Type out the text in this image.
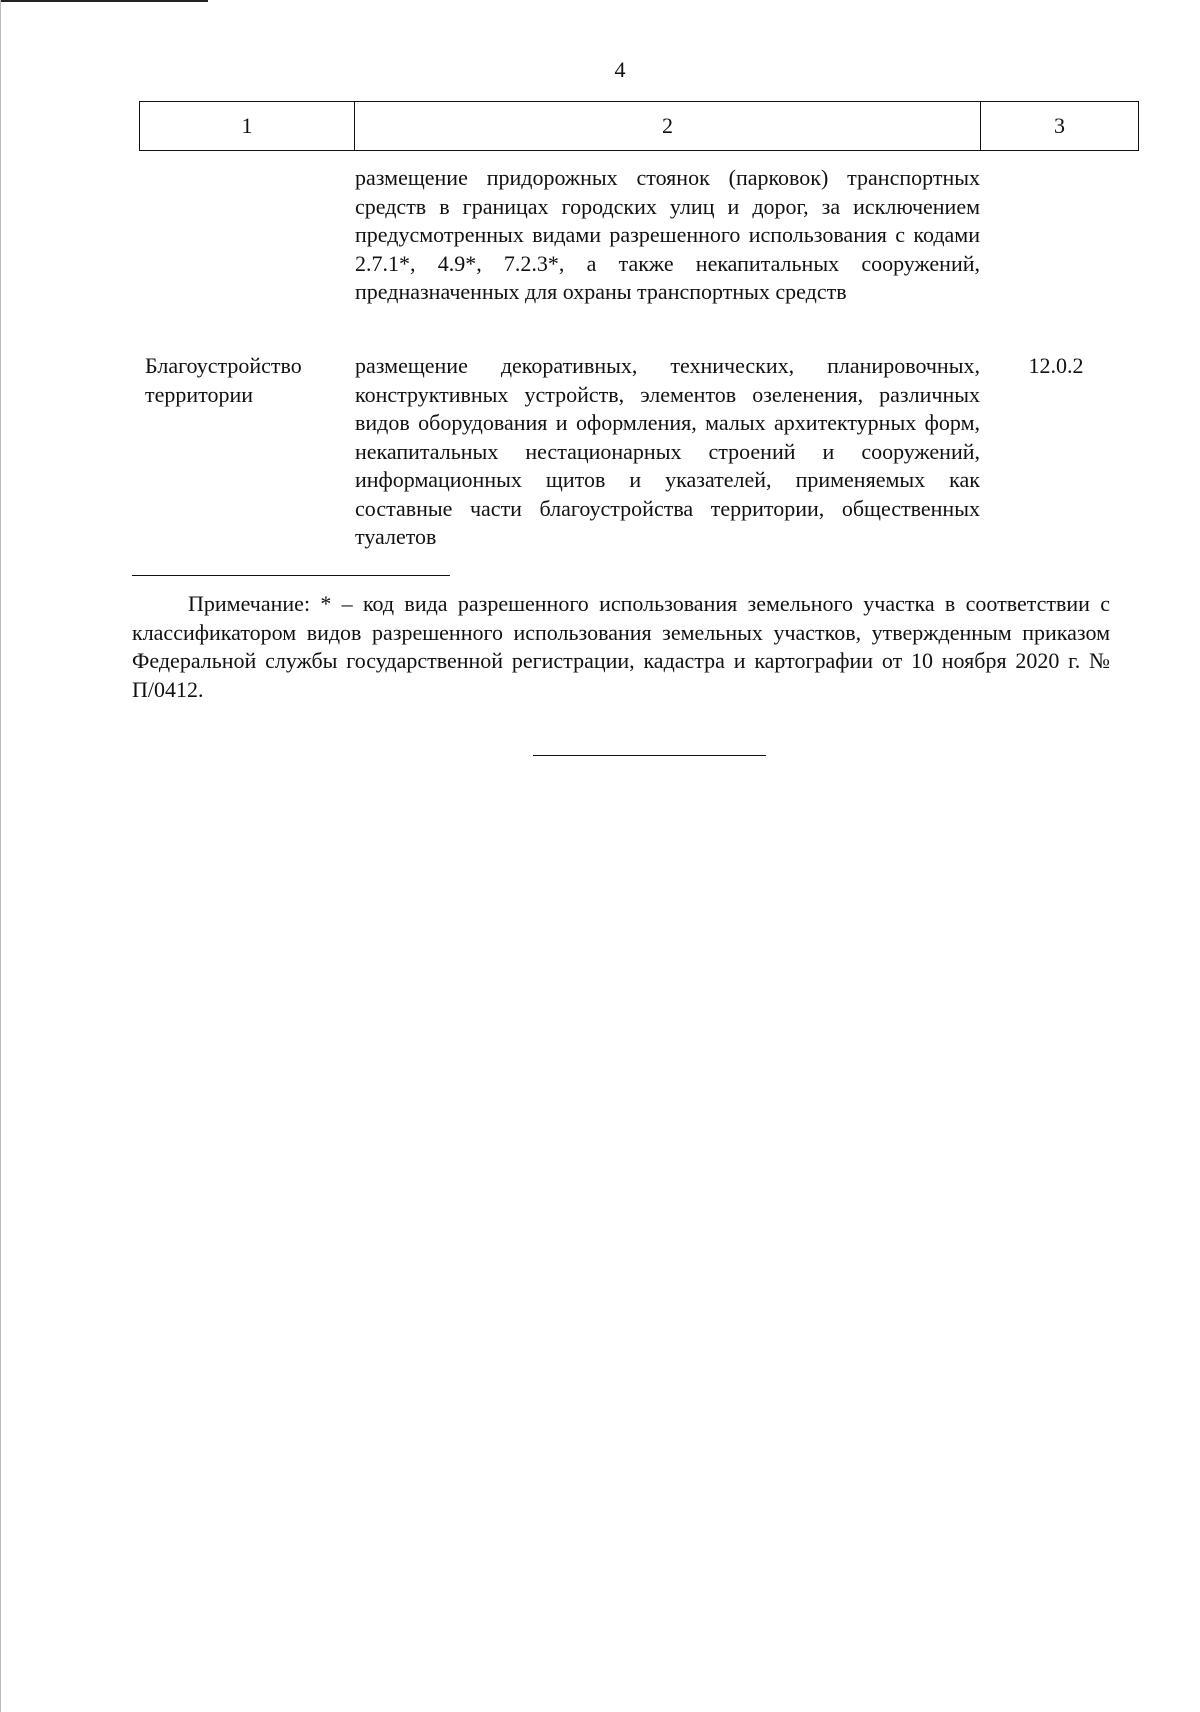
4
1	2	3
размещение придорожных стоянок (парковок) транспортных средств в границах городских улиц и дорог, за исключением предусмотренных видами разрешенного использования с кодами 2.7.1*, 4.9*, 7.2.3*, а также некапитальных сооружений, предназначенных для охраны транспортных средств
Благоустройство территории
размещение декоративных, технических, планировочных, конструктивных устройств, элементов озеленения, различных видов оборудования и оформления, малых архитектурных форм, некапитальных нестационарных строений и сооружений, информационных щитов и указателей, применяемых как составные части благоустройства территории, общественных туалетов
12.0.2
Примечание: * – код вида разрешенного использования земельного участка в соответствии с классификатором видов разрешенного использования земельных участков, утвержденным приказом Федеральной службы государственной регистрации, кадастра и картографии от 10 ноября 2020 г. № П/0412.
